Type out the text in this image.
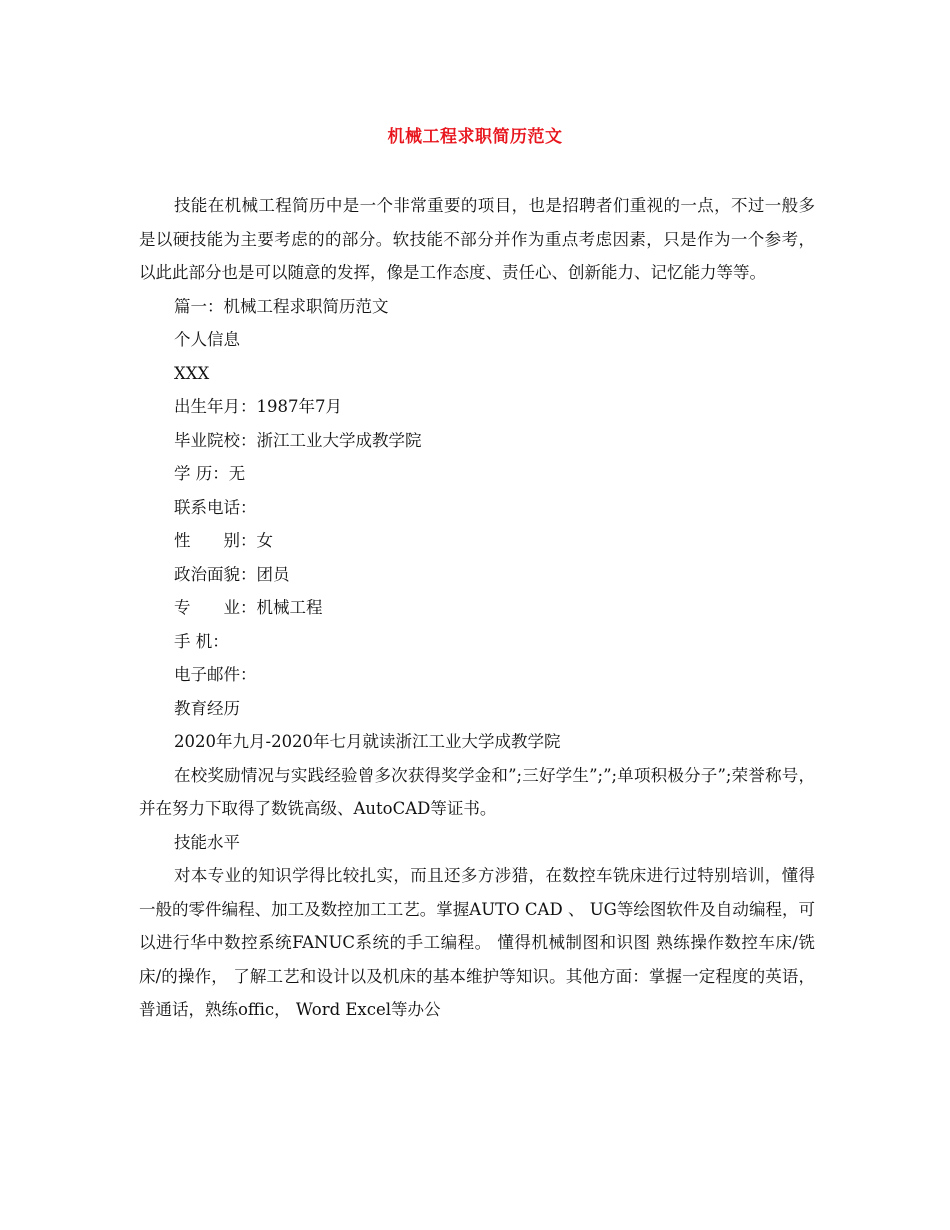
机械工程求职简历范文

技能在机械工程简历中是一个非常重要的项目，也是招聘者们重视的一点，不过一般多是以硬技能为主要考虑的的部分。软技能不部分并作为重点考虑因素，只是作为一个参考，以此此部分也是可以随意的发挥，像是工作态度、责任心、创新能力、记忆能力等等。

篇一：机械工程求职简历范文

个人信息

XXX

出生年月：1987年7月

毕业院校：浙江工业大学成教学院

学 历：无

联系电话：

性　　别：女

政治面貌：团员

专　　业：机械工程

手 机：

电子邮件：

教育经历

2020年九月-2020年七月就读浙江工业大学成教学院

在校奖励情况与实践经验曾多次获得奖学金和”;三好学生”;”;单项积极分子”;荣誉称号，并在努力下取得了数铣高级、AutoCAD等证书。

技能水平

对本专业的知识学得比较扎实，而且还多方涉猎，在数控车铣床进行过特别培训，懂得一般的零件编程、加工及数控加工工艺。掌握AUTO CAD 、 UG等绘图软件及自动编程，可以进行华中数控系统FANUC系统的手工编程。 懂得机械制图和识图 熟练操作数控车床/铣床/的操作， 了解工艺和设计以及机床的基本维护等知识。其他方面：掌握一定程度的英语，普通话，熟练offic， Word Excel等办公
